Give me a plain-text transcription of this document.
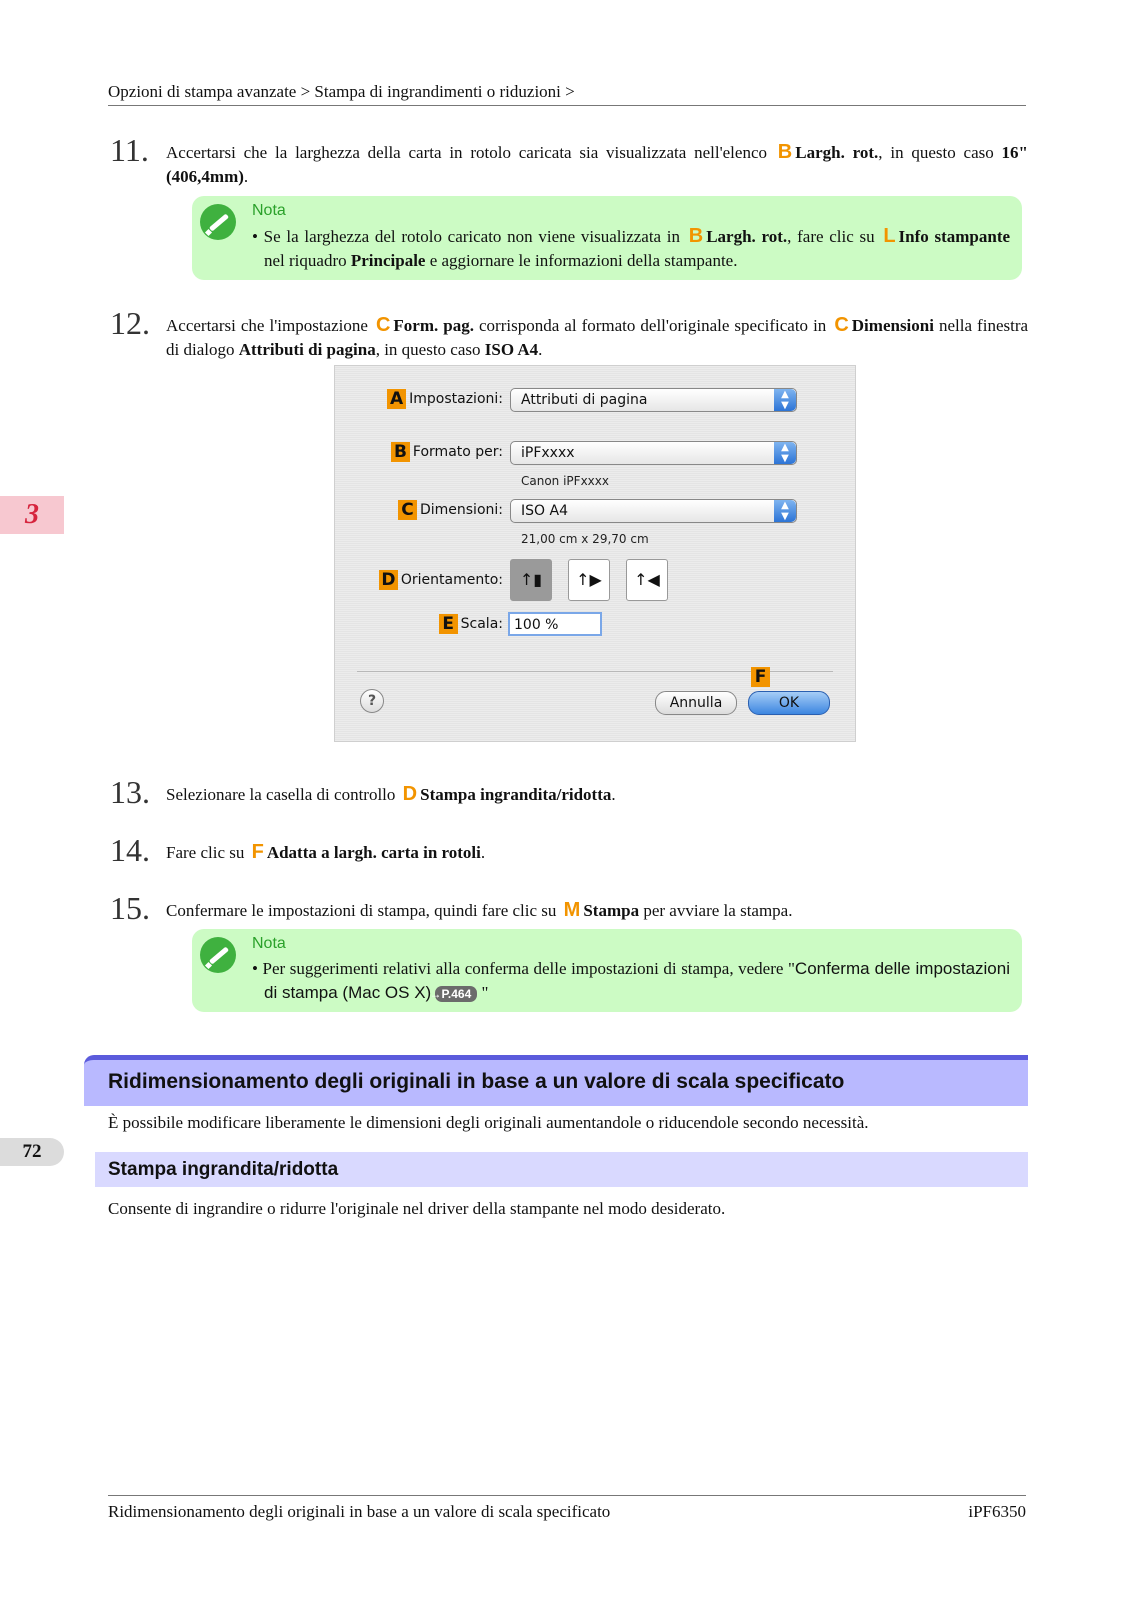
Opzioni di stampa avanzate > Stampa di ingrandimenti o riduzioni >
11. Accertarsi che la larghezza della carta in rotolo caricata sia visualizzata nell'elenco B Largh. rot., in questo caso 16" (406,4mm).
Nota
• Se la larghezza del rotolo caricato non viene visualizzata in B Largh. rot., fare clic su L Info stampante nel riquadro Principale e aggiornare le informazioni della stampante.
12. Accertarsi che l'impostazione C Form. pag. corrisponda al formato dell'originale specificato in C Dimensioni nella finestra di dialogo Attributi di pagina, in questo caso ISO A4.
A Impostazioni:	Attributi di pagina	▲
▼
B Formato per:	iPFxxxx	▲
▼
Canon iPFxxxx
C Dimensioni:	ISO A4	▲
▼
21,00 cm x 29,70 cm
D Orientamento:	↑▮	↑▶	↑◀
E Scala: 100 %
F
?	Annulla	OK
13. Selezionare la casella di controllo D Stampa ingrandita/ridotta.
14. Fare clic su F Adatta a largh. carta in rotoli.
15. Confermare le impostazioni di stampa, quindi fare clic su M Stampa per avviare la stampa.
Nota
• Per suggerimenti relativi alla conferma delle impostazioni di stampa, vedere "Conferma delle impostazioni di stampa (Mac OS X) →P.464 "
Ridimensionamento degli originali in base a un valore di scala specificato
È possibile modificare liberamente le dimensioni degli originali aumentandole o riducendole secondo necessità.
Stampa ingrandita/ridotta
Consente di ingrandire o ridurre l'originale nel driver della stampante nel modo desiderato.
3
72
Ridimensionamento degli originali in base a un valore di scala specificato	iPF6350
